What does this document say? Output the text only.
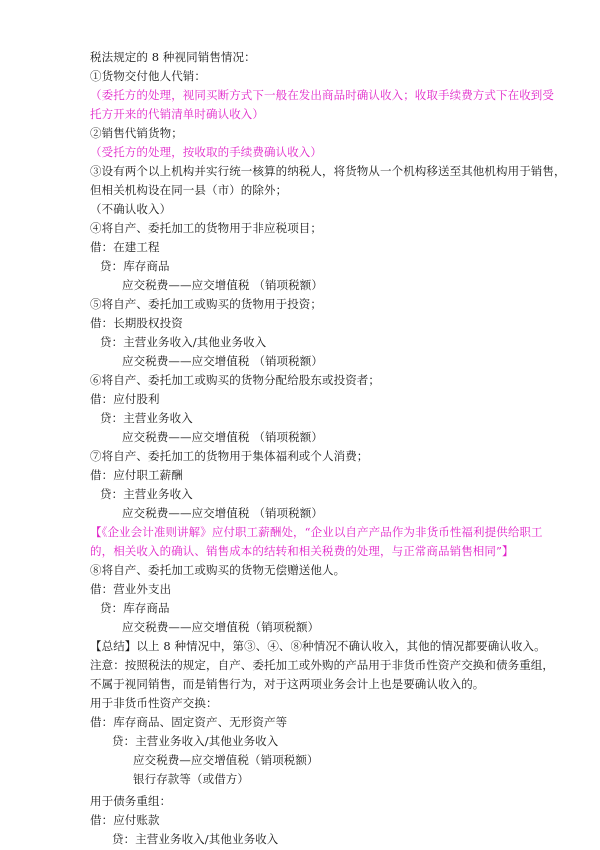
税法规定的 8 种视同销售情况：
①货物交付他人代销：
（委托方的处理，视同买断方式下一般在发出商品时确认收入；收取手续费方式下在收到受
托方开来的代销清单时确认收入）
②销售代销货物；
（受托方的处理，按收取的手续费确认收入）
③设有两个以上机构并实行统一核算的纳税人，将货物从一个机构移送至其他机构用于销售，
但相关机构设在同一县（市）的除外；
（不确认收入）
④将自产、委托加工的货物用于非应税项目；
借：在建工程
贷：库存商品
应交税费——应交增值税 （销项税额）
⑤将自产、委托加工或购买的货物用于投资；
借：长期股权投资
贷：主营业务收入/其他业务收入
应交税费——应交增值税 （销项税额）
⑥将自产、委托加工或购买的货物分配给股东或投资者；
借：应付股利
贷：主营业务收入
应交税费——应交增值税 （销项税额）
⑦将自产、委托加工的货物用于集体福利或个人消费；
借：应付职工薪酬
贷：主营业务收入
应交税费——应交增值税 （销项税额）
【《企业会计准则讲解》应付职工薪酬处，“企业以自产产品作为非货币性福利提供给职工
的，相关收入的确认、销售成本的结转和相关税费的处理，与正常商品销售相同”】
⑧将自产、委托加工或购买的货物无偿赠送他人。
借：营业外支出
贷：库存商品
应交税费——应交增值税（销项税额）
【总结】以上 8 种情况中，第③、④、⑧种情况不确认收入，其他的情况都要确认收入。
注意：按照税法的规定，自产、委托加工或外购的产品用于非货币性资产交换和债务重组，
不属于视同销售，而是销售行为，对于这两项业务会计上也是要确认收入的。
用于非货币性资产交换：
借：库存商品、固定资产、无形资产等
贷：主营业务收入/其他业务收入
应交税费—应交增值税（销项税额）
银行存款等（或借方）
用于债务重组：
借：应付账款
贷：主营业务收入/其他业务收入
